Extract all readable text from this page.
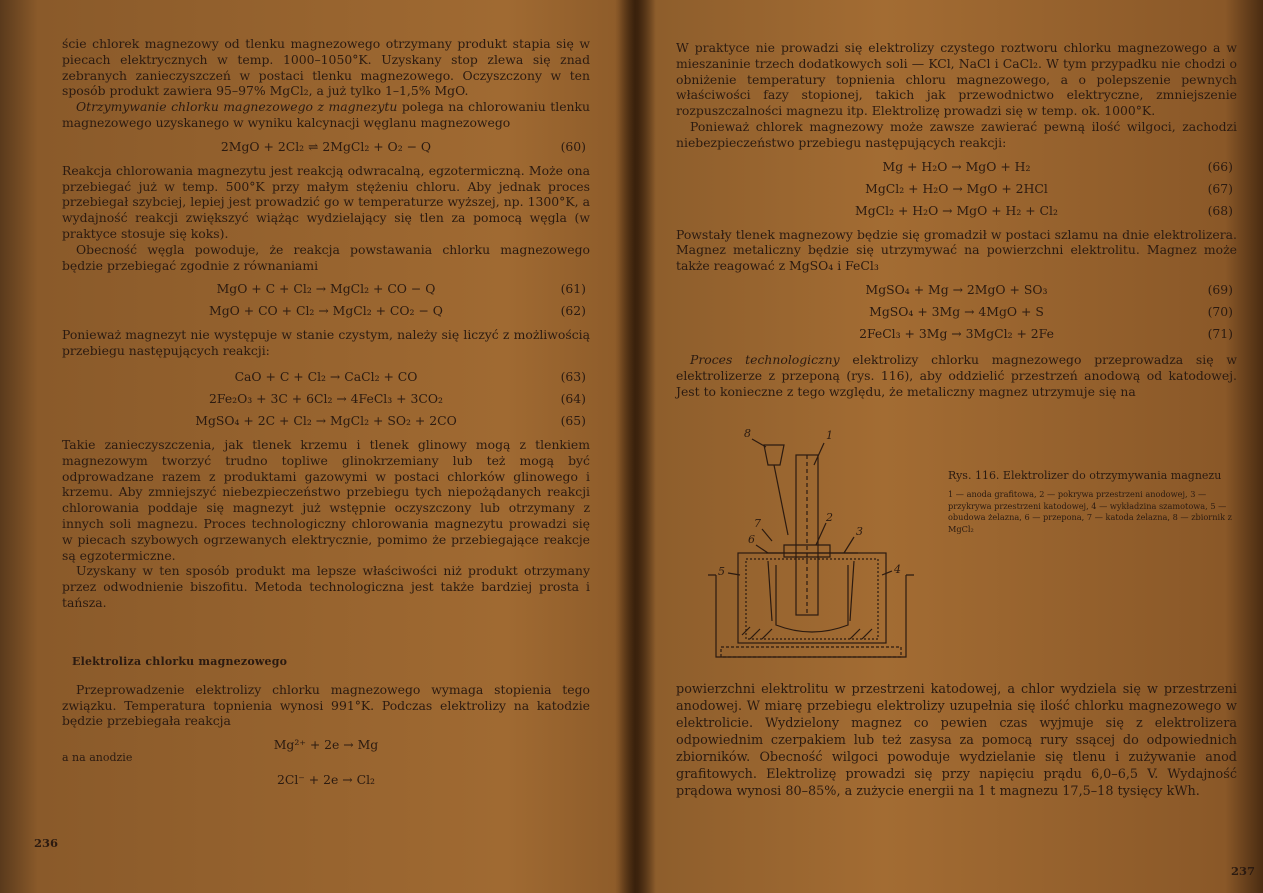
ście chlorek magnezowy od tlenku magnezowego otrzymany produkt stapia się w piecach elektrycznych w temp. 1000–1050°K. Uzyskany stop zlewa się znad zebranych zanieczyszczeń w postaci tlenku magnezowego. Oczyszczony w ten sposób produkt zawiera 95–97% MgCl₂, a już tylko 1–1,5% MgO.

Otrzymywanie chlorku magnezowego z magnezytu polega na chlorowaniu tlenku magnezowego uzyskanego w wyniku kalcynacji węglanu magnezowego

2MgO + 2Cl₂ ⇌ 2MgCl₂ + O₂ − Q	(60)

Reakcja chlorowania magnezytu jest reakcją odwracalną, egzotermiczną. Może ona przebiegać już w temp. 500°K przy małym stężeniu chloru. Aby jednak proces przebiegał szybciej, lepiej jest prowadzić go w temperaturze wyższej, np. 1300°K, a wydajność reakcji zwiększyć wiążąc wydzielający się tlen za pomocą węgla (w praktyce stosuje się koks).

Obecność węgla powoduje, że reakcja powstawania chlorku magnezowego będzie przebiegać zgodnie z równaniami

MgO + C + Cl₂ → MgCl₂ + CO − Q	(61)
MgO + CO + Cl₂ → MgCl₂ + CO₂ − Q	(62)

Ponieważ magnezyt nie występuje w stanie czystym, należy się liczyć z możliwością przebiegu następujących reakcji:

CaO + C + Cl₂ → CaCl₂ + CO	(63)
2Fe₂O₃ + 3C + 6Cl₂ → 4FeCl₃ + 3CO₂	(64)
MgSO₄ + 2C + Cl₂ → MgCl₂ + SO₂ + 2CO	(65)

Takie zanieczyszczenia, jak tlenek krzemu i tlenek glinowy mogą z tlenkiem magnezowym tworzyć trudno topliwe glinokrzemiany lub też mogą być odprowadzane razem z produktami gazowymi w postaci chlorków glinowego i krzemu. Aby zmniejszyć niebezpieczeństwo przebiegu tych niepożądanych reakcji chlorowania poddaje się magnezyt już wstępnie oczyszczony lub otrzymany z innych soli magnezu. Proces technologiczny chlorowania magnezytu prowadzi się w piecach szybowych ogrzewanych elektrycznie, pomimo że przebiegające reakcje są egzotermiczne.

Uzyskany w ten sposób produkt ma lepsze właściwości niż produkt otrzymany przez odwodnienie biszofitu. Metoda technologiczna jest także bardziej prosta i tańsza.

Elektroliza chlorku magnezowego

Przeprowadzenie elektrolizy chlorku magnezowego wymaga stopienia tego związku. Temperatura topnienia wynosi 991°K. Podczas elektrolizy na katodzie będzie przebiegała reakcja

Mg²⁺ + 2e → Mg
a na anodzie
2Cl⁻ + 2e → Cl₂
236

W praktyce nie prowadzi się elektrolizy czystego roztworu chlorku magnezowego a w mieszaninie trzech dodatkowych soli — KCl, NaCl i CaCl₂. W tym przypadku nie chodzi o obniżenie temperatury topnienia chloru magnezowego, a o polepszenie pewnych właściwości fazy stopionej, takich jak przewodnictwo elektryczne, zmniejszenie rozpuszczalności magnezu itp. Elektrolizę prowadzi się w temp. ok. 1000°K.

Ponieważ chlorek magnezowy może zawsze zawierać pewną ilość wilgoci, zachodzi niebezpieczeństwo przebiegu następujących reakcji:

Mg + H₂O → MgO + H₂	(66)
MgCl₂ + H₂O → MgO + 2HCl	(67)
MgCl₂ + H₂O → MgO + H₂ + Cl₂	(68)

Powstały tlenek magnezowy będzie się gromadził w postaci szlamu na dnie elektrolizera. Magnez metaliczny będzie się utrzymywać na powierzchni elektrolitu. Magnez może także reagować z MgSO₄ i FeCl₃

MgSO₄ + Mg → 2MgO + SO₃	(69)
MgSO₄ + 3Mg → 4MgO + S	(70)
2FeCl₃ + 3Mg → 3MgCl₂ + 2Fe	(71)

Proces technologiczny elektrolizy chlorku magnezowego przeprowadza się w elektrolizerze z przeponą (rys. 116), aby oddzielić przestrzeń anodową od katodowej. Jest to konieczne z tego względu, że metaliczny magnez utrzymuje się na

1
2
3
4
5
6
7
8
Rys. 116. Elektrolizer do otrzymywania magnezu
1 — anoda grafitowa, 2 — pokrywa przestrzeni anodowej, 3 — przykrywa przestrzeni katodowej, 4 — wykładzina szamotowa, 5 — obudowa żelazna, 6 — przepona, 7 — katoda żelazna, 8 — zbiornik z MgCl₂

powierzchni elektrolitu w przestrzeni katodowej, a chlor wydziela się w przestrzeni anodowej. W miarę przebiegu elektrolizy uzupełnia się ilość chlorku magnezowego w elektrolicie. Wydzielony magnez co pewien czas wyjmuje się z elektrolizera odpowiednim czerpakiem lub też zasysa za pomocą rury ssącej do odpowiednich zbiorników. Obecność wilgoci powoduje wydzielanie się tlenu i zużywanie anod grafitowych. Elektrolizę prowadzi się przy napięciu prądu 6,0–6,5 V. Wydajność prądowa wynosi 80–85%, a zużycie energii na 1 t magnezu 17,5–18 tysięcy kWh.

237
